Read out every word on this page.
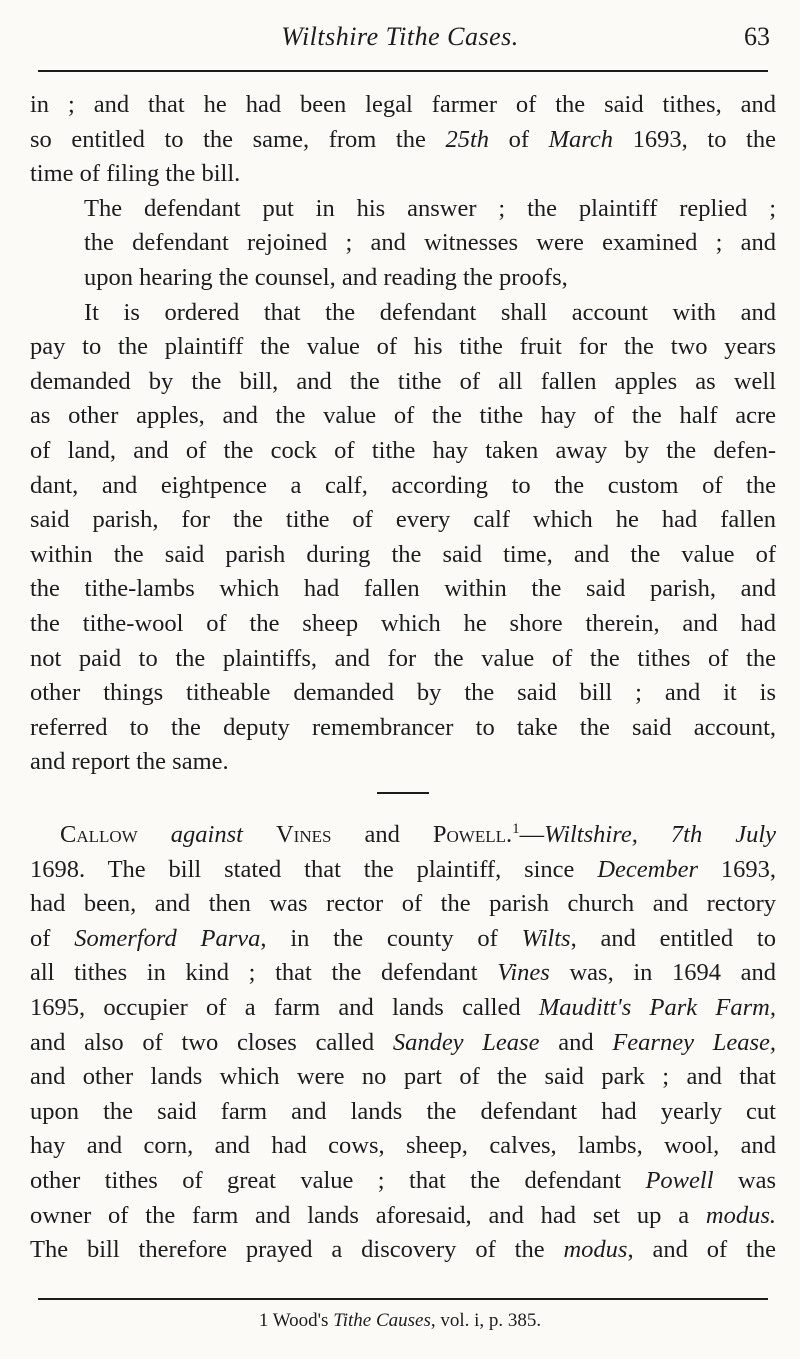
Wiltshire Tithe Cases.	63

in ; and that he had been legal farmer of the said tithes, and
so entitled to the same, from the 25th of March 1693, to the
time of filing the bill.

The defendant put in his answer ; the plaintiff replied ;
the defendant rejoined ; and witnesses were examined ; and
upon hearing the counsel, and reading the proofs,

It is ordered that the defendant shall account with and
pay to the plaintiff the value of his tithe fruit for the two years
demanded by the bill, and the tithe of all fallen apples as well
as other apples, and the value of the tithe hay of the half acre
of land, and of the cock of tithe hay taken away by the defen-
dant, and eightpence a calf, according to the custom of the
said parish, for the tithe of every calf which he had fallen
within the said parish during the said time, and the value of
the tithe-lambs which had fallen within the said parish, and
the tithe-wool of the sheep which he shore therein, and had
not paid to the plaintiffs, and for the value of the tithes of the
other things titheable demanded by the said bill ; and it is
referred to the deputy remembrancer to take the said account,
and report the same.

Callow against Vines and Powell.$^1$—Wiltshire, 7th July
1698. The bill stated that the plaintiff, since December 1693,
had been, and then was rector of the parish church and rectory
of Somerford Parva, in the county of Wilts, and entitled to
all tithes in kind ; that the defendant Vines was, in 1694 and
1695, occupier of a farm and lands called Mauditt's Park Farm,
and also of two closes called Sandey Lease and Fearney Lease,
and other lands which were no part of the said park ; and that
upon the said farm and lands the defendant had yearly cut
hay and corn, and had cows, sheep, calves, lambs, wool, and
other tithes of great value ; that the defendant Powell was
owner of the farm and lands aforesaid, and had set up a modus.
The bill therefore prayed a discovery of the modus, and of the

1 Wood's Tithe Causes, vol. i, p. 385.
